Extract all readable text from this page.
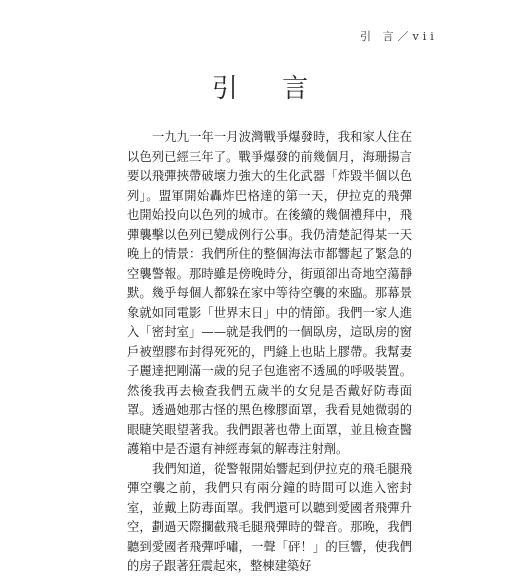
引 言／vii
引 言

一九九一年一月波灣戰爭爆發時，我和家人住在以色列已經三年了。戰爭爆發的前幾個月，海珊揚言要以飛彈挾帶破壞力強大的生化武器「炸毀半個以色列」。盟軍開始轟炸巴格達的第一天，伊拉克的飛彈也開始投向以色列的城市。在後續的幾個禮拜中，飛彈襲擊以色列已變成例行公事。我仍清楚記得某一天晚上的情景：我們所住的整個海法市都響起了緊急的空襲警報。那時雖是傍晚時分，街頭卻出奇地空蕩靜默。幾乎每個人都躲在家中等待空襲的來臨。那幕景象就如同電影「世界末日」中的情節。我們一家人進入「密封室」——就是我們的一個臥房，這臥房的窗戶被塑膠布封得死死的，門縫上也貼上膠帶。我幫妻子麗達把剛滿一歲的兒子包進密不透風的呼吸裝置。然後我再去檢查我們五歲半的女兒是否戴好防毒面罩。透過她那古怪的黑色橡膠面罩，我看見她微弱的眼睫笑眼望著我。我們跟著也帶上面罩，並且檢查醫護箱中是否還有神經毒氣的解毒注射劑。

我們知道，從警報開始響起到伊拉克的飛毛腿飛彈空襲之前，我們只有兩分鐘的時間可以進入密封室，並戴上防毒面罩。我們還可以聽到愛國者飛彈升空，劃過天際攔截飛毛腿飛彈時的聲音。那晚，我們聽到愛國者飛彈呼嘯，一聲「砰！」的巨響，使我們的房子跟著狂震起來，整棟建築好
